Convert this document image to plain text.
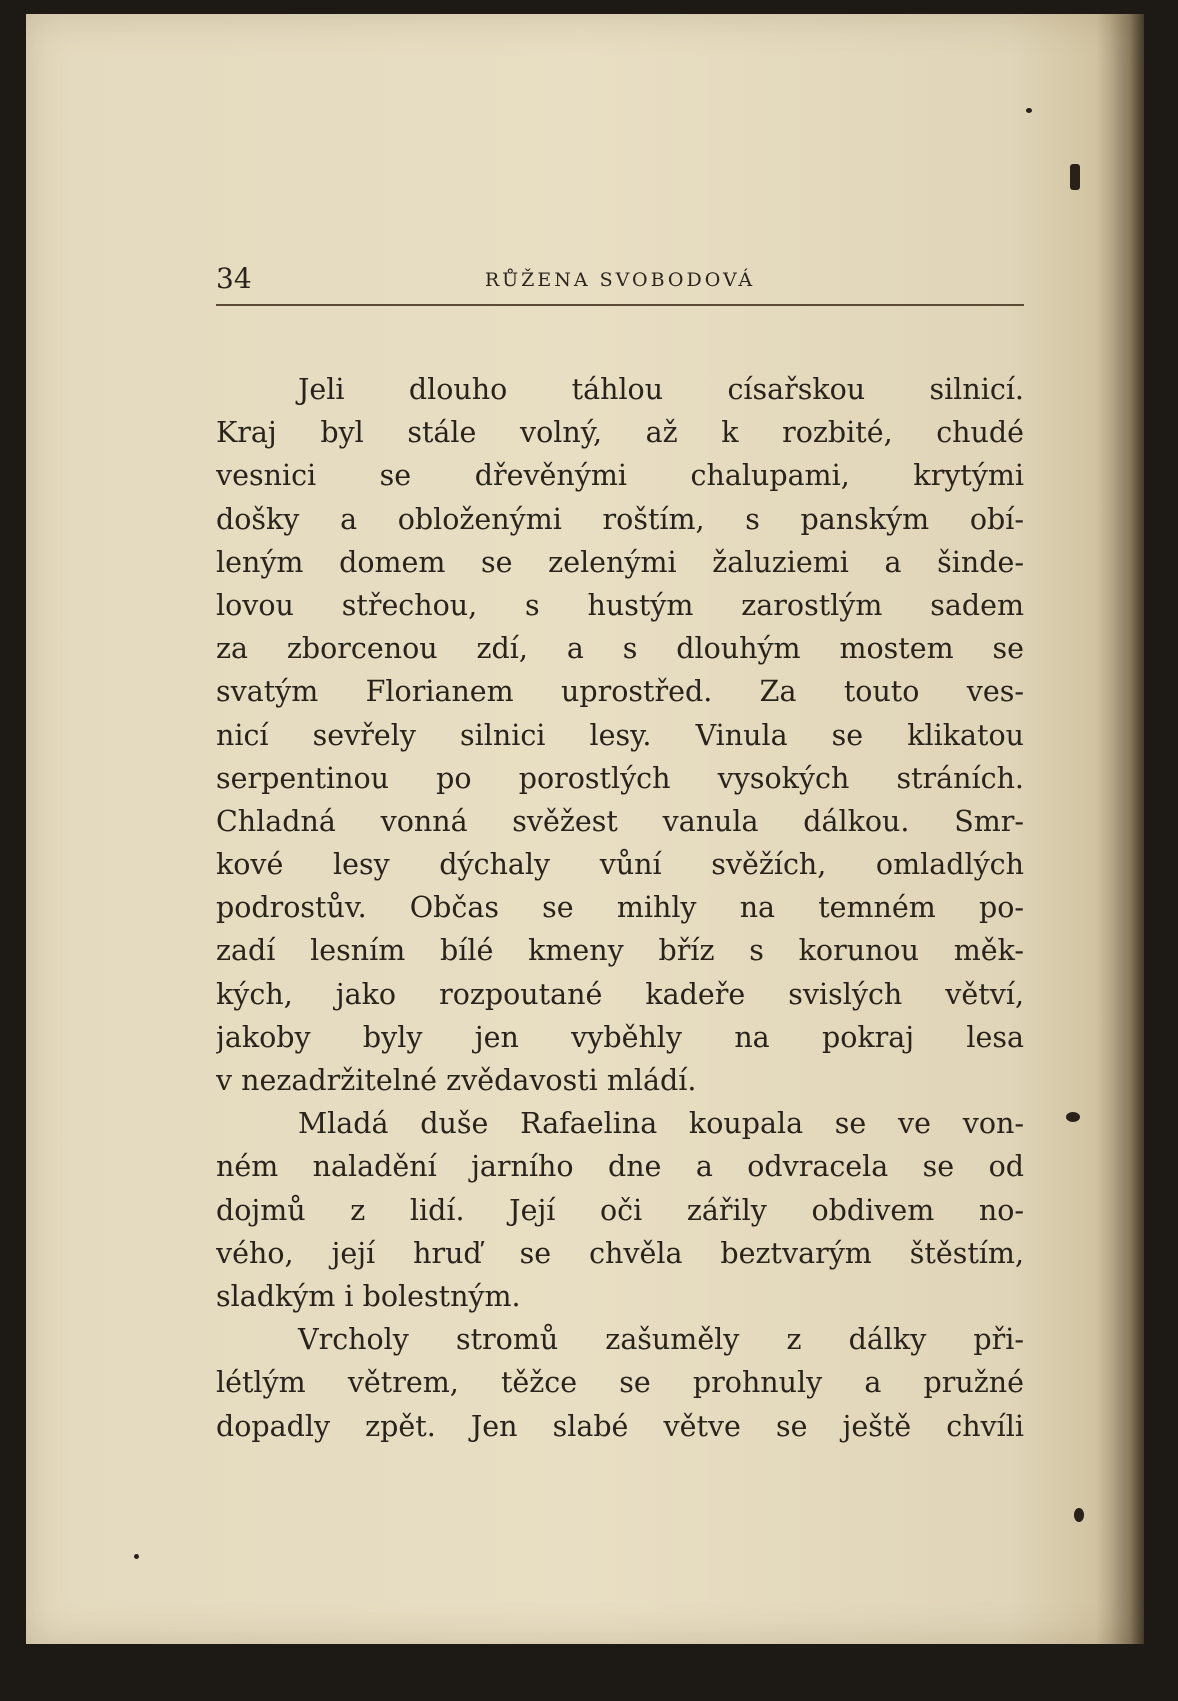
34	RŮŽENA SVOBODOVÁ
Jeli dlouho táhlou císařskou silnicí.
Kraj byl stále volný, až k rozbité, chudé
vesnici se dřevěnými chalupami, krytými
došky a obloženými roštím, s panským obí-
leným domem se zelenými žaluziemi a šinde-
lovou střechou, s hustým zarostlým sadem
za zborcenou zdí, a s dlouhým mostem se
svatým Florianem uprostřed. Za touto ves-
nicí sevřely silnici lesy. Vinula se klikatou
serpentinou po porostlých vysokých stráních.
Chladná vonná svěžest vanula dálkou. Smr-
kové lesy dýchaly vůní svěžích, omladlých
podrostův. Občas se mihly na temném po-
zadí lesním bílé kmeny bříz s korunou měk-
kých, jako rozpoutané kadeře svislých větví,
jakoby byly jen vyběhly na pokraj lesa
v nezadržitelné zvědavosti mládí.
Mladá duše Rafaelina koupala se ve von-
ném naladění jarního dne a odvracela se od
dojmů z lidí. Její oči zářily obdivem no-
vého, její hruď se chvěla beztvarým štěstím,
sladkým i bolestným.
Vrcholy stromů zašuměly z dálky při-
létlým větrem, těžce se prohnuly a pružné
dopadly zpět. Jen slabé větve se ještě chvíli
